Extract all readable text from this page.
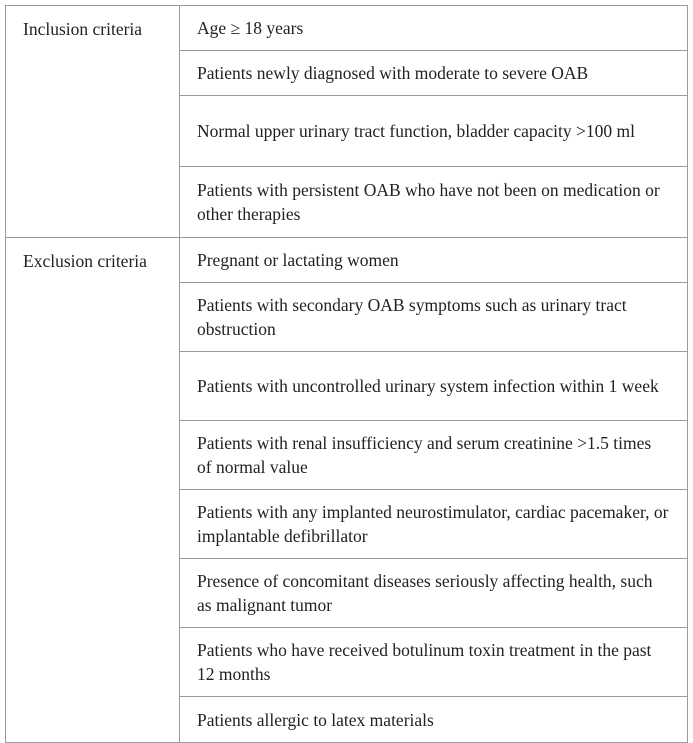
Inclusion criteria	Age ≥ 18 years

Patients newly diagnosed with moderate to severe OAB

Normal upper urinary tract function, bladder capacity >100 ml

Patients with persistent OAB who have not been on medication or other therapies

Exclusion criteria	Pregnant or lactating women

Patients with secondary OAB symptoms such as urinary tract obstruction

Patients with uncontrolled urinary system infection within 1 week

Patients with renal insufficiency and serum creatinine >1.5 times of normal value

Patients with any implanted neurostimulator, cardiac pacemaker, or implantable defibrillator

Presence of concomitant diseases seriously affecting health, such as malignant tumor

Patients who have received botulinum toxin treatment in the past 12 months

Patients allergic to latex materials
